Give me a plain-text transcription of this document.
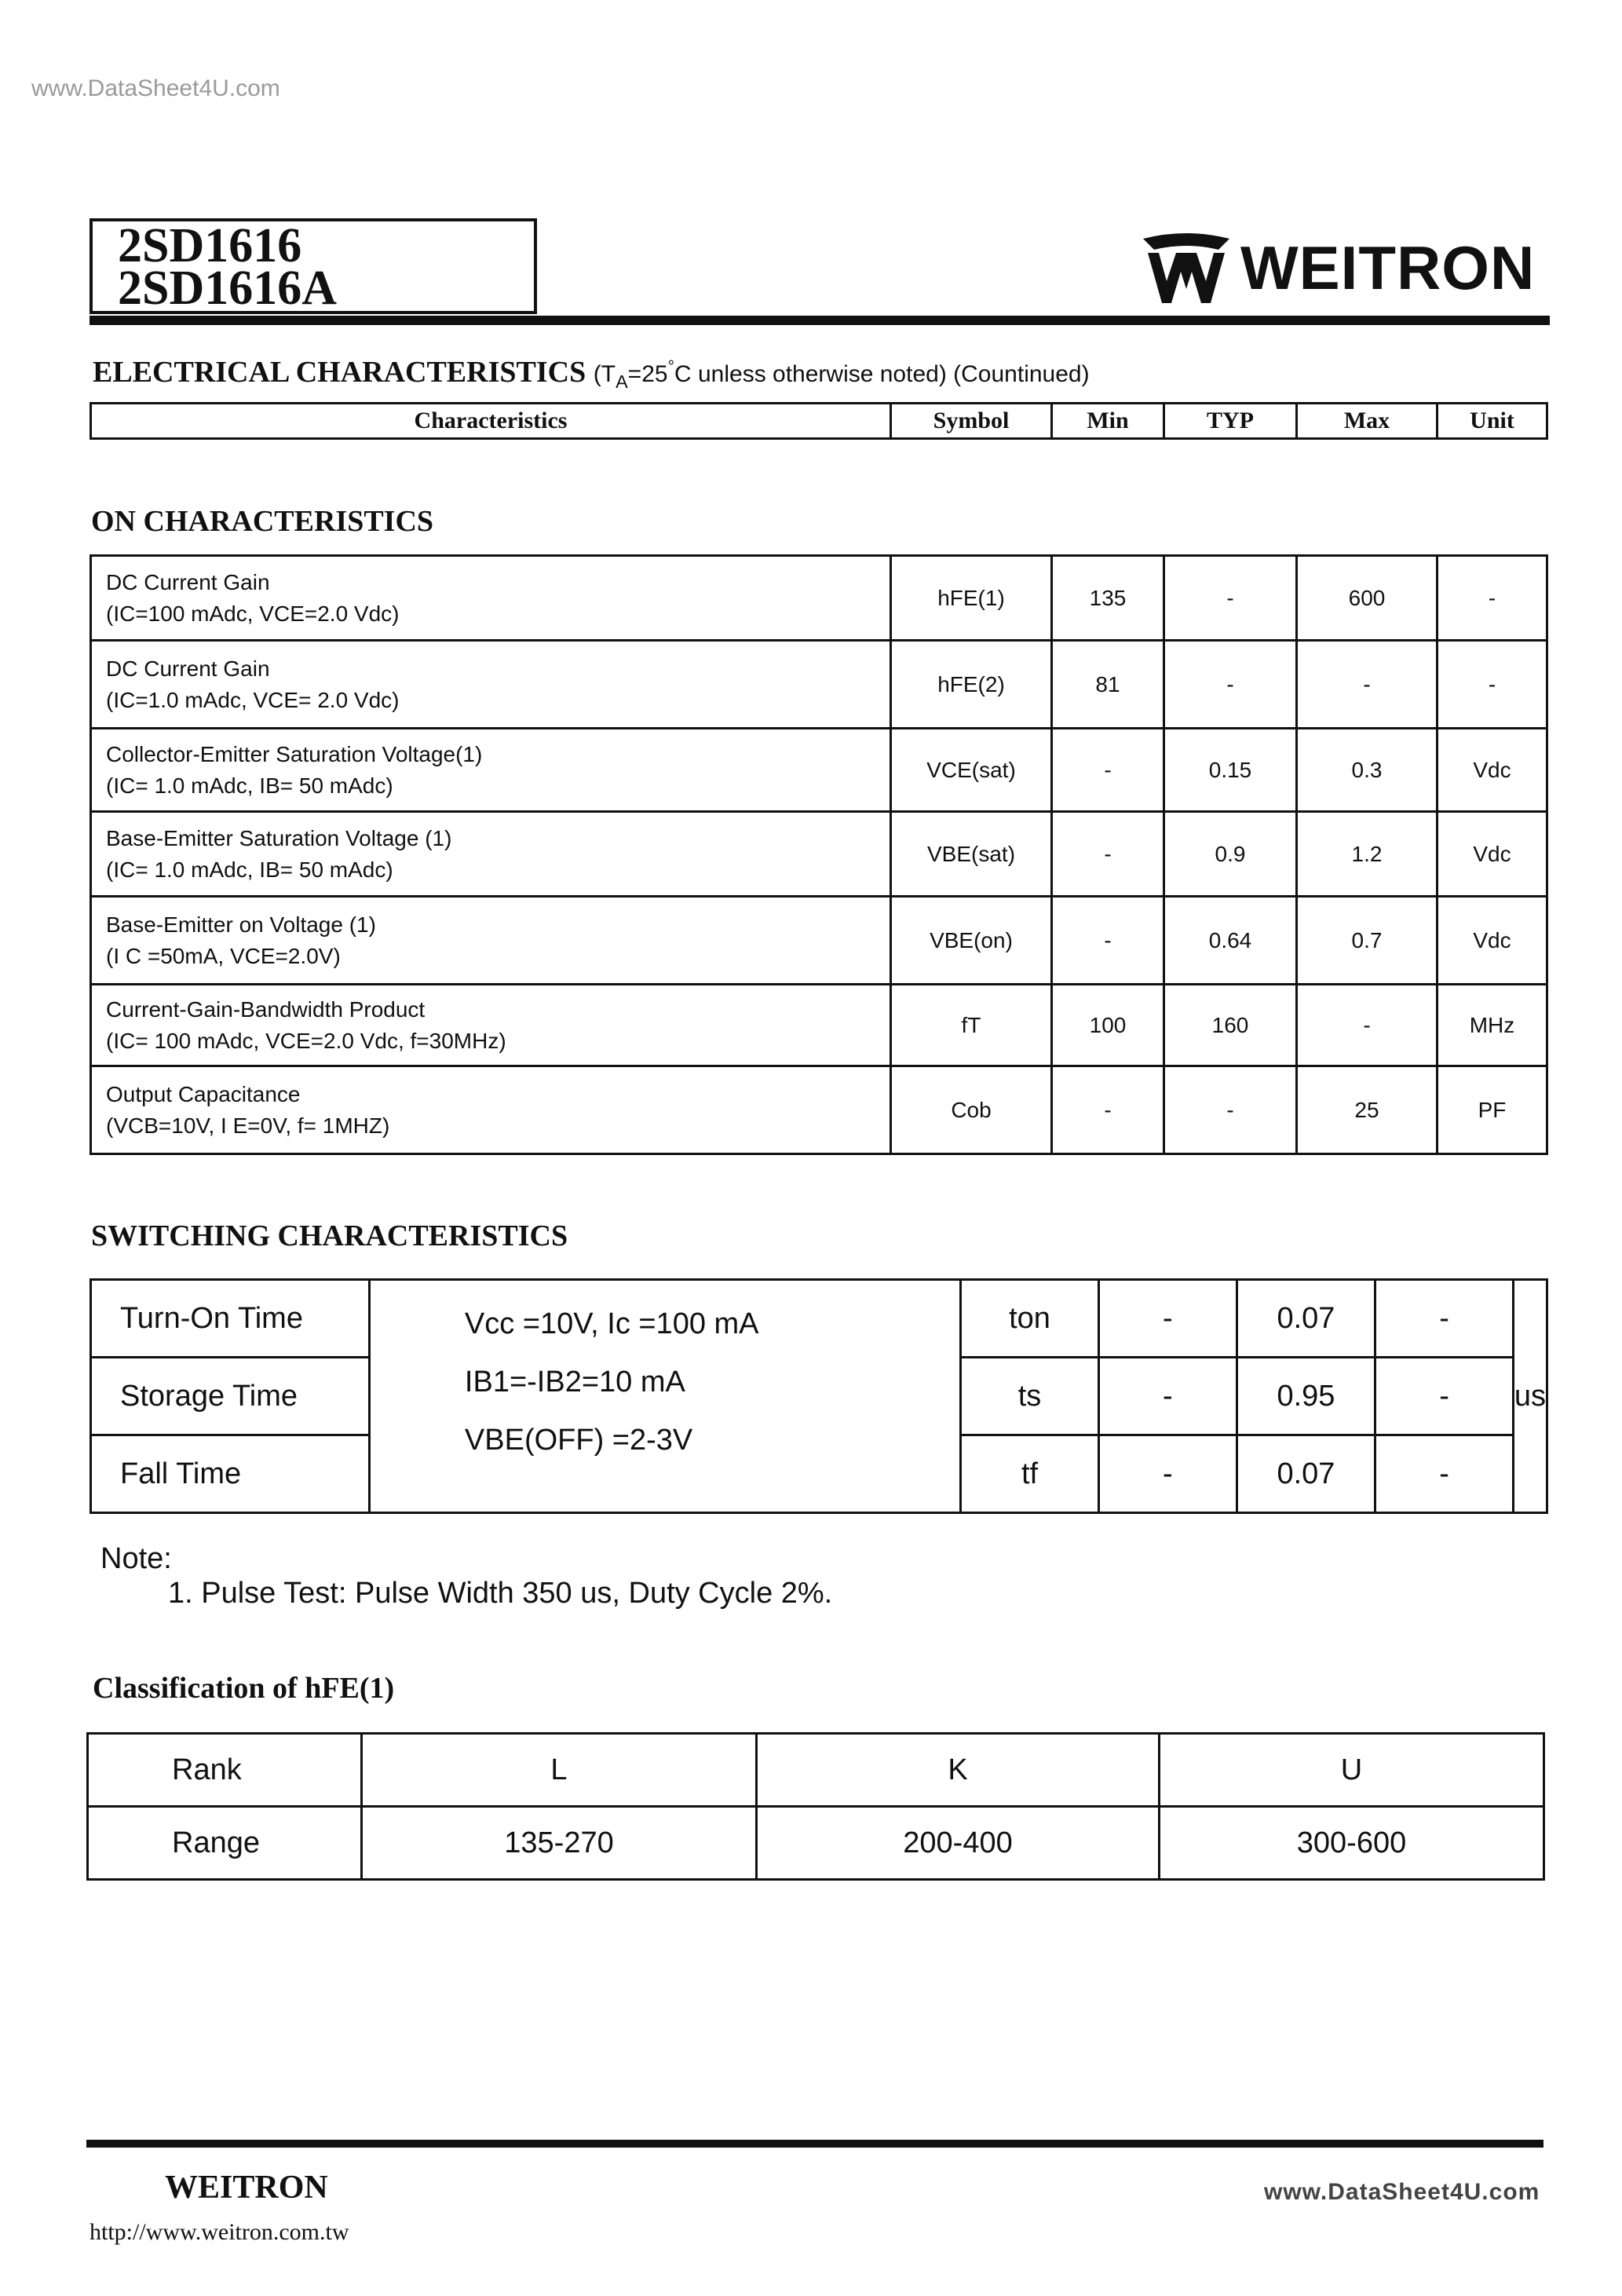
www.DataSheet4U.com
2SD1616
2SD1616A	WEITRON
ELECTRICAL CHARACTERISTICS ($T_A=25^\circ C$ unless otherwise noted) (Countinued)
Characteristics	Symbol	Min	TYP	Max	Unit
ON CHARACTERISTICS
DC Current Gain
(IC=100 mAdc, VCE=2.0 Vdc)	hFE(1)	135	-	600	-

DC Current Gain
(IC=1.0 mAdc, VCE= 2.0 Vdc)	hFE(2)	81	-	-	-

Collector-Emitter Saturation Voltage(1)
(IC= 1.0 mAdc, IB= 50 mAdc)	VCE(sat)	-	0.15	0.3	Vdc

Base-Emitter Saturation Voltage (1)
(IC= 1.0 mAdc, IB= 50 mAdc)	VBE(sat)	-	0.9	1.2	Vdc

Base-Emitter on Voltage (1)
(I C =50mA, VCE=2.0V)	VBE(on)	-	0.64	0.7	Vdc

Current-Gain-Bandwidth Product
(IC= 100 mAdc, VCE=2.0 Vdc, f=30MHz)	fT	100	160	-	MHz

Output Capacitance
(VCB=10V, I E=0V, f= 1MHZ)	Cob	-	-	25	PF
SWITCHING CHARACTERISTICS
Turn-On Time	Vcc =10V, Ic =100 mA
IB1=-IB2=10 mA
VBE(OFF) =2-3V	ton	-	0.07	-	us
Storage Time		ts	-	0.95	-	
Fall Time		tf	-	0.07	-	
Note:
1. Pulse Test: Pulse Width 350 us, Duty Cycle 2%.
Classification of hFE(1)
Rank	L	K	U
Range	135-270	200-400	300-600
WEITRON
http://www.weitron.com.tw
www.DataSheet4U.com
